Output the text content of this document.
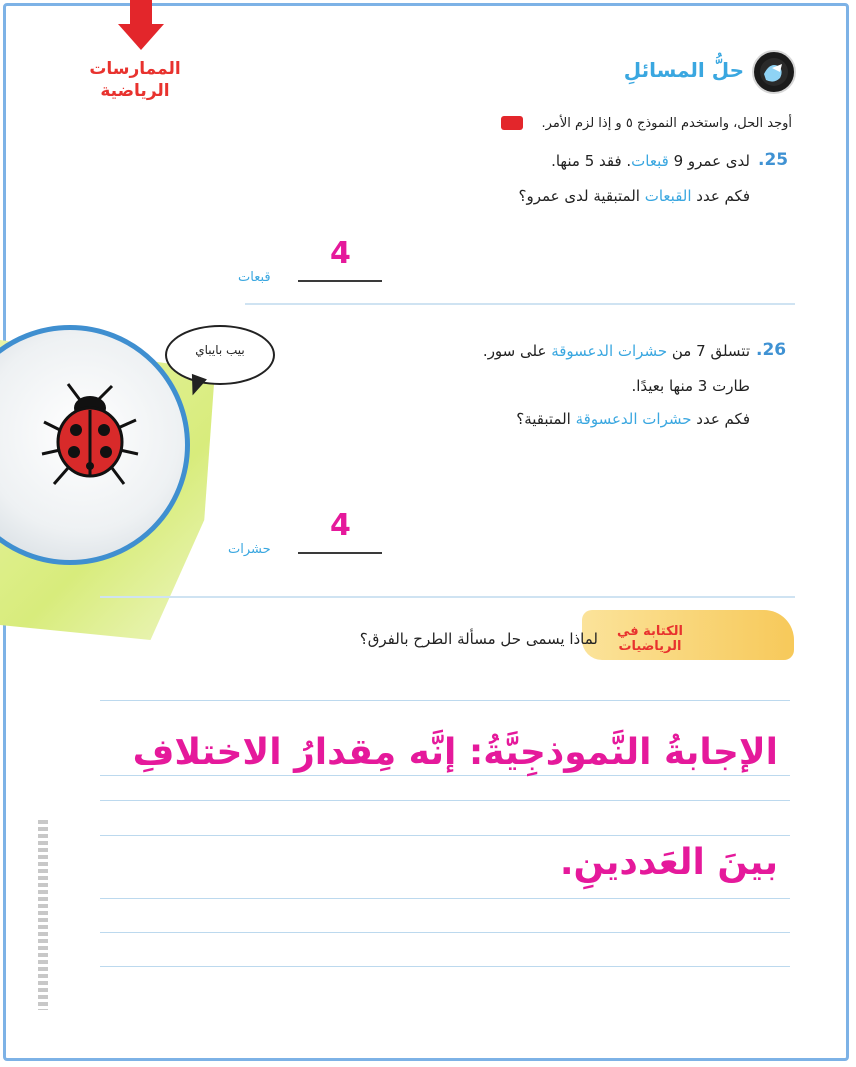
الممارسات الرياضية
حلُّ المسائلِ
أوجد الحل، واستخدم النموذج ٥ و إذا لزم الأمر.
.25
لدى عمرو 9 قبعات. فقد 5 منها.
فكم عدد القبعات المتبقية لدى عمرو؟
4
قبعات
بيب بايباي	.26
تتسلق 7 من حشرات الدعسوقة على سور.
طارت 3 منها بعيدًا.
فكم عدد حشرات الدعسوقة المتبقية؟
4
حشرات
الكتابة في الرياضيات
لماذا يسمى حل مسألة الطرح بالفرق؟
الإجابةُ النَّموذجِيَّةُ: إنَّه مِقدارُ الاختلافِ
بينَ العَددينِ.
